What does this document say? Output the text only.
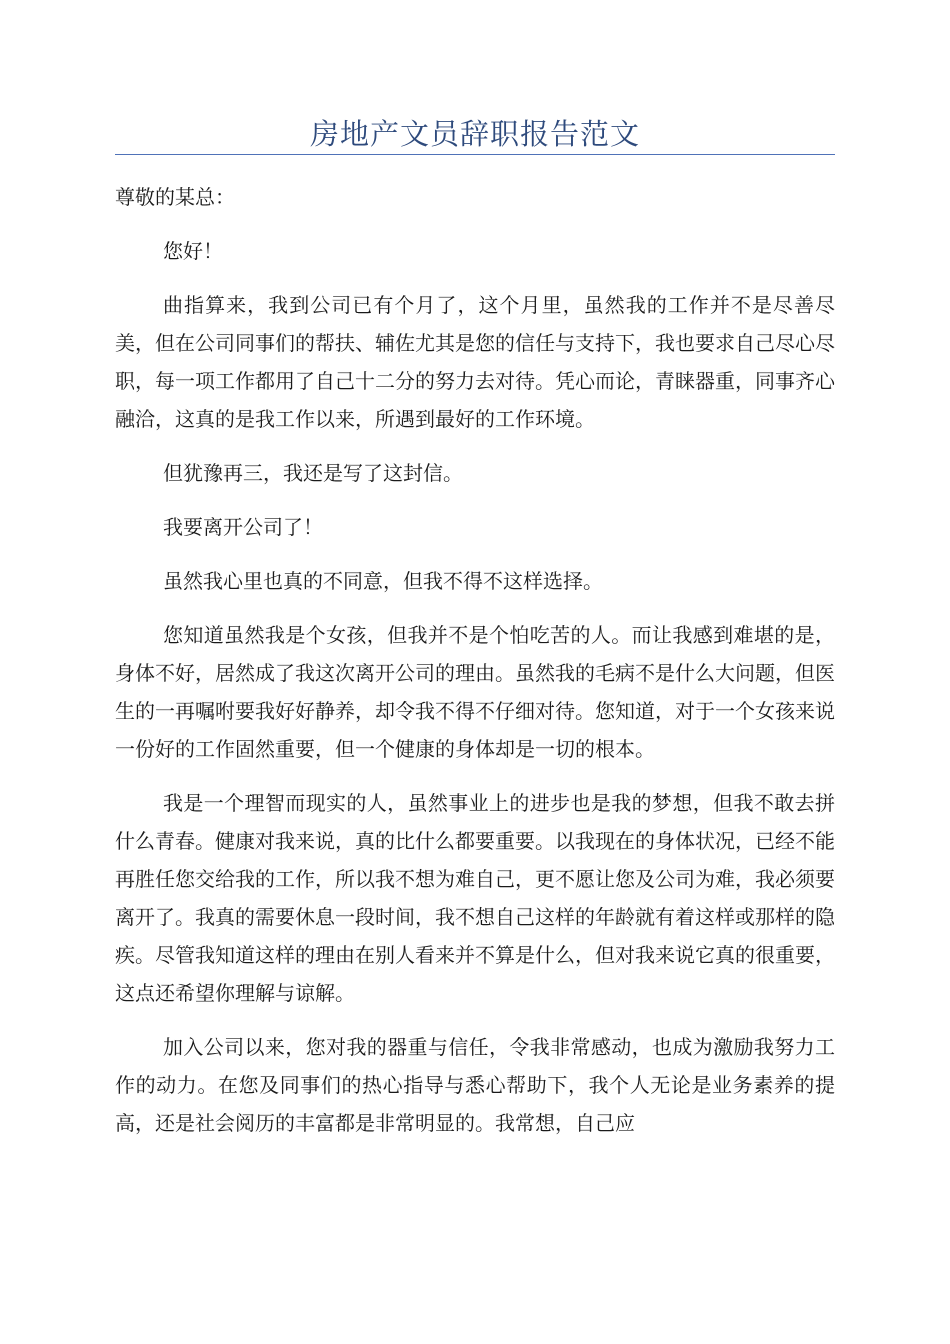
房地产文员辞职报告范文

尊敬的某总：

您好！

曲指算来，我到公司已有个月了，这个月里，虽然我的工作并不是尽善尽美，但在公司同事们的帮扶、辅佐尤其是您的信任与支持下，我也要求自己尽心尽职，每一项工作都用了自己十二分的努力去对待。凭心而论，青睐器重，同事齐心融洽，这真的是我工作以来，所遇到最好的工作环境。

但犹豫再三，我还是写了这封信。

我要离开公司了！

虽然我心里也真的不同意，但我不得不这样选择。

您知道虽然我是个女孩，但我并不是个怕吃苦的人。而让我感到难堪的是，身体不好，居然成了我这次离开公司的理由。虽然我的毛病不是什么大问题，但医生的一再嘱咐要我好好静养，却令我不得不仔细对待。您知道，对于一个女孩来说一份好的工作固然重要，但一个健康的身体却是一切的根本。

我是一个理智而现实的人，虽然事业上的进步也是我的梦想，但我不敢去拼什么青春。健康对我来说，真的比什么都要重要。以我现在的身体状况，已经不能再胜任您交给我的工作，所以我不想为难自己，更不愿让您及公司为难，我必须要离开了。我真的需要休息一段时间，我不想自己这样的年龄就有着这样或那样的隐疾。尽管我知道这样的理由在别人看来并不算是什么，但对我来说它真的很重要，这点还希望你理解与谅解。

加入公司以来，您对我的器重与信任，令我非常感动，也成为激励我努力工作的动力。在您及同事们的热心指导与悉心帮助下，我个人无论是业务素养的提高，还是社会阅历的丰富都是非常明显的。我常想，自己应
